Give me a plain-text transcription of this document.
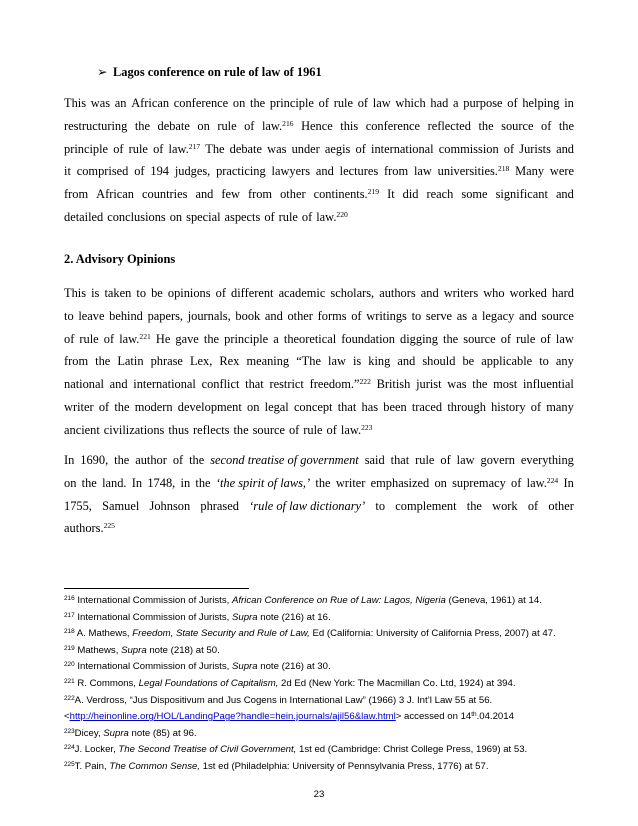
➢ Lagos conference on rule of law of 1961
This was an African conference on the principle of rule of law which had a purpose of helping in
restructuring the debate on rule of law.$^{216}$ Hence this conference reflected the source of the
principle of rule of law.$^{217}$ The debate was under aegis of international commission of Jurists and
it comprised of 194 judges, practicing lawyers and lectures from law universities.$^{218}$ Many were
from African countries and few from other continents.$^{219}$ It did reach some significant and
detailed conclusions on special aspects of rule of law.$^{220}$
2. Advisory Opinions
This is taken to be opinions of different academic scholars, authors and writers who worked hard
to leave behind papers, journals, book and other forms of writings to serve as a legacy and source
of rule of law.$^{221}$ He gave the principle a theoretical foundation digging the source of rule of law
from the Latin phrase Lex, Rex meaning “The law is king and should be applicable to any
national and international conflict that restrict freedom.”$^{222}$ British jurist was the most influential
writer of the modern development on legal concept that has been traced through history of many
ancient civilizations thus reflects the source of rule of law.$^{223}$
In 1690, the author of the second treatise of government said that rule of law govern everything
on the land. In 1748, in the ‘the spirit of laws,’ the writer emphasized on supremacy of law.$^{224}$ In
1755, Samuel Johnson phrased ‘rule of law dictionary’ to complement the work of other
authors.$^{225}$
$^{216}$ International Commission of Jurists, African Conference on Rue of Law: Lagos, Nigeria (Geneva, 1961) at 14.
$^{217}$ International Commission of Jurists, Supra note (216) at 16.
$^{218}$ A. Mathews, Freedom, State Security and Rule of Law, Ed (California: University of California Press, 2007) at 47.
$^{219}$ Mathews, Supra note (218) at 50.
$^{220}$ International Commission of Jurists, Supra note (216) at 30.
$^{221}$ R. Commons, Legal Foundations of Capitalism, 2d Ed (New York: The Macmillan Co. Ltd, 1924) at 394.
$^{222}$A. Verdross, “Jus Dispositivum and Jus Cogens in International Law” (1966) 3 J. Int’l Law 55 at 56.
<http://heinonline.org/HOL/LandingPage?handle=hein.journals/ajil56&law.html> accessed on 14th.04.2014
$^{223}$Dicey, Supra note (85) at 96.
$^{224}$J. Locker, The Second Treatise of Civil Government, 1st ed (Cambridge: Christ College Press, 1969) at 53.
$^{225}$T. Pain, The Common Sense, 1st ed (Philadelphia: University of Pennsylvania Press, 1776) at 57.
23
